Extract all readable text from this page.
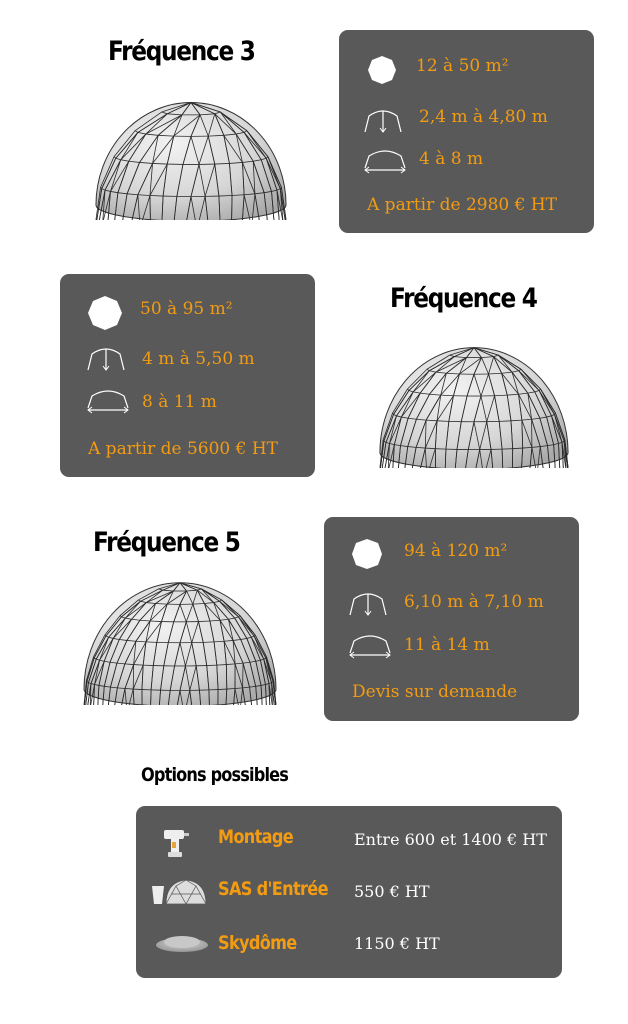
Fréquence 3	12 à 50 m²
2,4 m à 4,80 m
4 à 8 m
A partir de 2980 € HT
50 à 95 m²
4 m à 5,50 m
8 à 11 m
A partir de 5600 € HT
Fréquence 4
Fréquence 5	94 à 120 m²
6,10 m à 7,10 m
11 à 14 m
Devis sur demande
Options possibles
Montage	Entre 600 et 1400 € HT
SAS d'Entrée 550 € HT
Skydôme	1150 € HT
